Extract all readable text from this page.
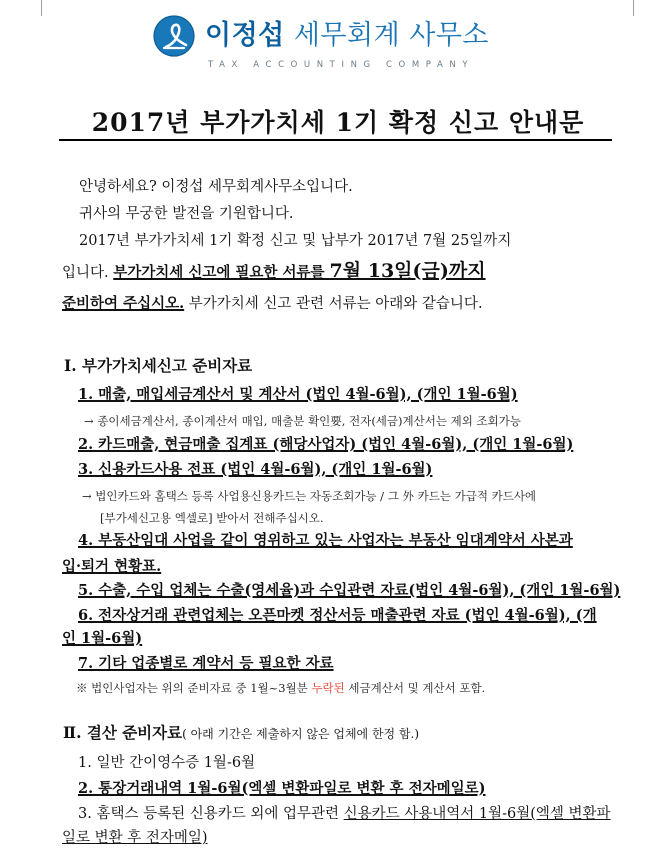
이정섭 세무회계 사무소
TAX ACCOUNTING COMPANY
2017년 부가가치세 1기 확정 신고 안내문
안녕하세요? 이정섭 세무회계사무소입니다.
귀사의 무궁한 발전을 기원합니다.
2017년 부가가치세 1기 확정 신고 및 납부가 2017년 7월 25일까지
입니다. 부가가치세 신고에 필요한 서류를 7월 13일(금)까지
준비하여 주십시오. 부가가치세 신고 관련 서류는 아래와 같습니다.
Ⅰ. 부가가치세신고 준비자료
1. 매출, 매입세금계산서 및 계산서 (법인 4월-6월), (개인 1월-6월)
→ 종이세금계산서, 종이계산서 매입, 매출분 확인要, 전자(세금)계산서는 제외 조회가능
2. 카드매출, 현금매출 집계표 (해당사업자) (법인 4월-6월), (개인 1월-6월)
3. 신용카드사용 전표 (법인 4월-6월), (개인 1월-6월)
→ 법인카드와 홈택스 등록 사업용신용카드는 자동조회가능 / 그 外 카드는 가급적 카드사에
[부가세신고용 엑셀로] 받아서 전해주십시오.
4. 부동산임대 사업을 같이 영위하고 있는 사업자는 부동산 임대계약서 사본과
입·퇴거 현황표.
5. 수출, 수입 업체는 수출(영세율)과 수입관련 자료(법인 4월-6월), (개인 1월-6월)
6. 전자상거래 관련업체는 오픈마켓 정산서등 매출관련 자료 (법인 4월-6월), (개
인 1월-6월)
7. 기타 업종별로 계약서 등 필요한 자료
※ 법인사업자는 위의 준비자료 중 1월~3월분 누락된 세금계산서 및 계산서 포함.
Ⅱ. 결산 준비자료( 아래 기간은 제출하지 않은 업체에 한정 함.)
1. 일반 간이영수증 1월-6월
2. 통장거래내역 1월-6월(엑셀 변환파일로 변환 후 전자메일로)
3. 홈택스 등록된 신용카드 외에 업무관련 신용카드 사용내역서 1월-6월(엑셀 변환파
일로 변환 후 전자메일)
